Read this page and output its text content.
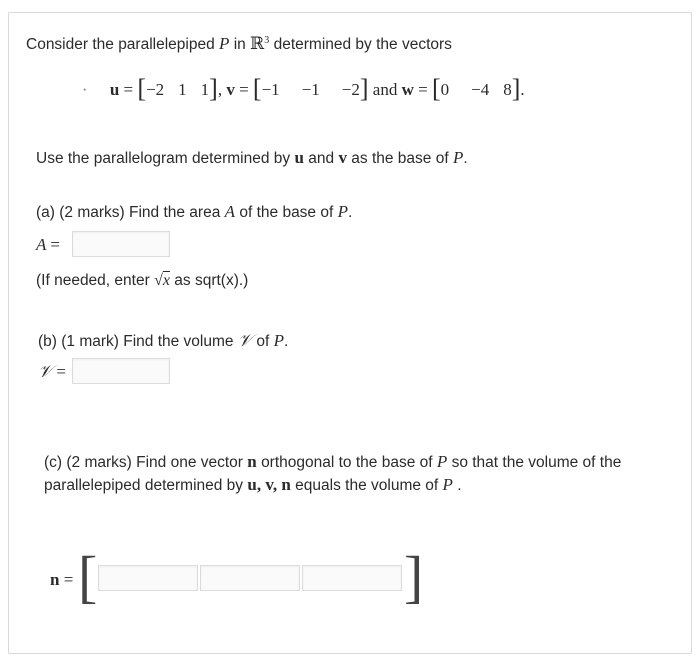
Consider the parallelepiped P in ℝ$^3$ determined by the vectors
· u = [−2 1 1], v = [−1 −1 −2] and w = [0 −4 8].
Use the parallelogram determined by u and v as the base of P.
(a) (2 marks) Find the area A of the base of P.
A =
(If needed, enter √x as sqrt(x).)
(b) (1 mark) Find the volume 𝒱 of P.
𝒱 =
(c) (2 marks) Find one vector n orthogonal to the base of P so that the volume of the
parallelepiped determined by u, v, n equals the volume of P .
n = [	]
